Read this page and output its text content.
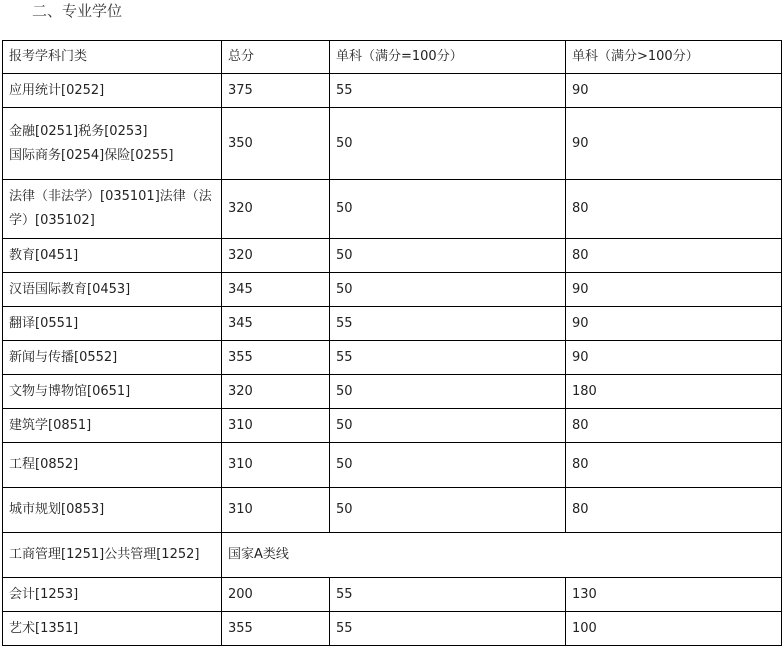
二、专业学位
报考学科门类	总分	单科（满分=100分）	单科（满分>100分）

应用统计[0252]	375	55	90

金融[0251]税务[0253]
国际商务[0254]保险[0255]	350	50	90

法律（非法学）[035101]法律（法
学）[035102]	320	50	80
教育[0451]	320	50	80
汉语国际教育[0453]	345	50	90
翻译[0551]	345	55	90
新闻与传播[0552]	355	55	90
文物与博物馆[0651]	320	50	180
建筑学[0851]	310	50	80
工程[0852]	310	50	80
城市规划[0853]	310	50	80
工商管理[1251]公共管理[1252]	国家A类线		
会计[1253]	200	55	130
艺术[1351]	355	55	100
